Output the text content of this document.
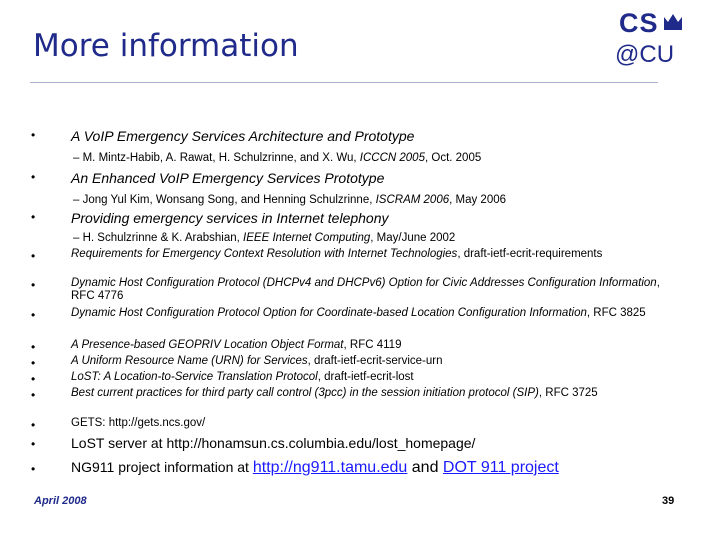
More information
CS
@CU
•	A VoIP Emergency Services Architecture and Prototype
– M. Mintz-Habib, A. Rawat, H. Schulzrinne, and X. Wu, ICCCN 2005, Oct. 2005
•	An Enhanced VoIP Emergency Services Prototype
– Jong Yul Kim, Wonsang Song, and Henning Schulzrinne, ISCRAM 2006, May 2006
•	Providing emergency services in Internet telephony
– H. Schulzrinne & K. Arabshian, IEEE Internet Computing, May/June 2002
•	Requirements for Emergency Context Resolution with Internet Technologies, draft-ietf-ecrit-requirements
•	Dynamic Host Configuration Protocol (DHCPv4 and DHCPv6) Option for Civic Addresses Configuration Information, RFC 4776
•	Dynamic Host Configuration Protocol Option for Coordinate-based Location Configuration Information, RFC 3825
•	A Presence-based GEOPRIV Location Object Format, RFC 4119
•	A Uniform Resource Name (URN) for Services, draft-ietf-ecrit-service-urn
•	LoST: A Location-to-Service Translation Protocol, draft-ietf-ecrit-lost
•	Best current practices for third party call control (3pcc) in the session initiation protocol (SIP), RFC 3725
•	GETS: http://gets.ncs.gov/
•	LoST server at http://honamsun.cs.columbia.edu/lost_homepage/
•	NG911 project information at http://ng911.tamu.edu and DOT 911 project
April 2008	39
